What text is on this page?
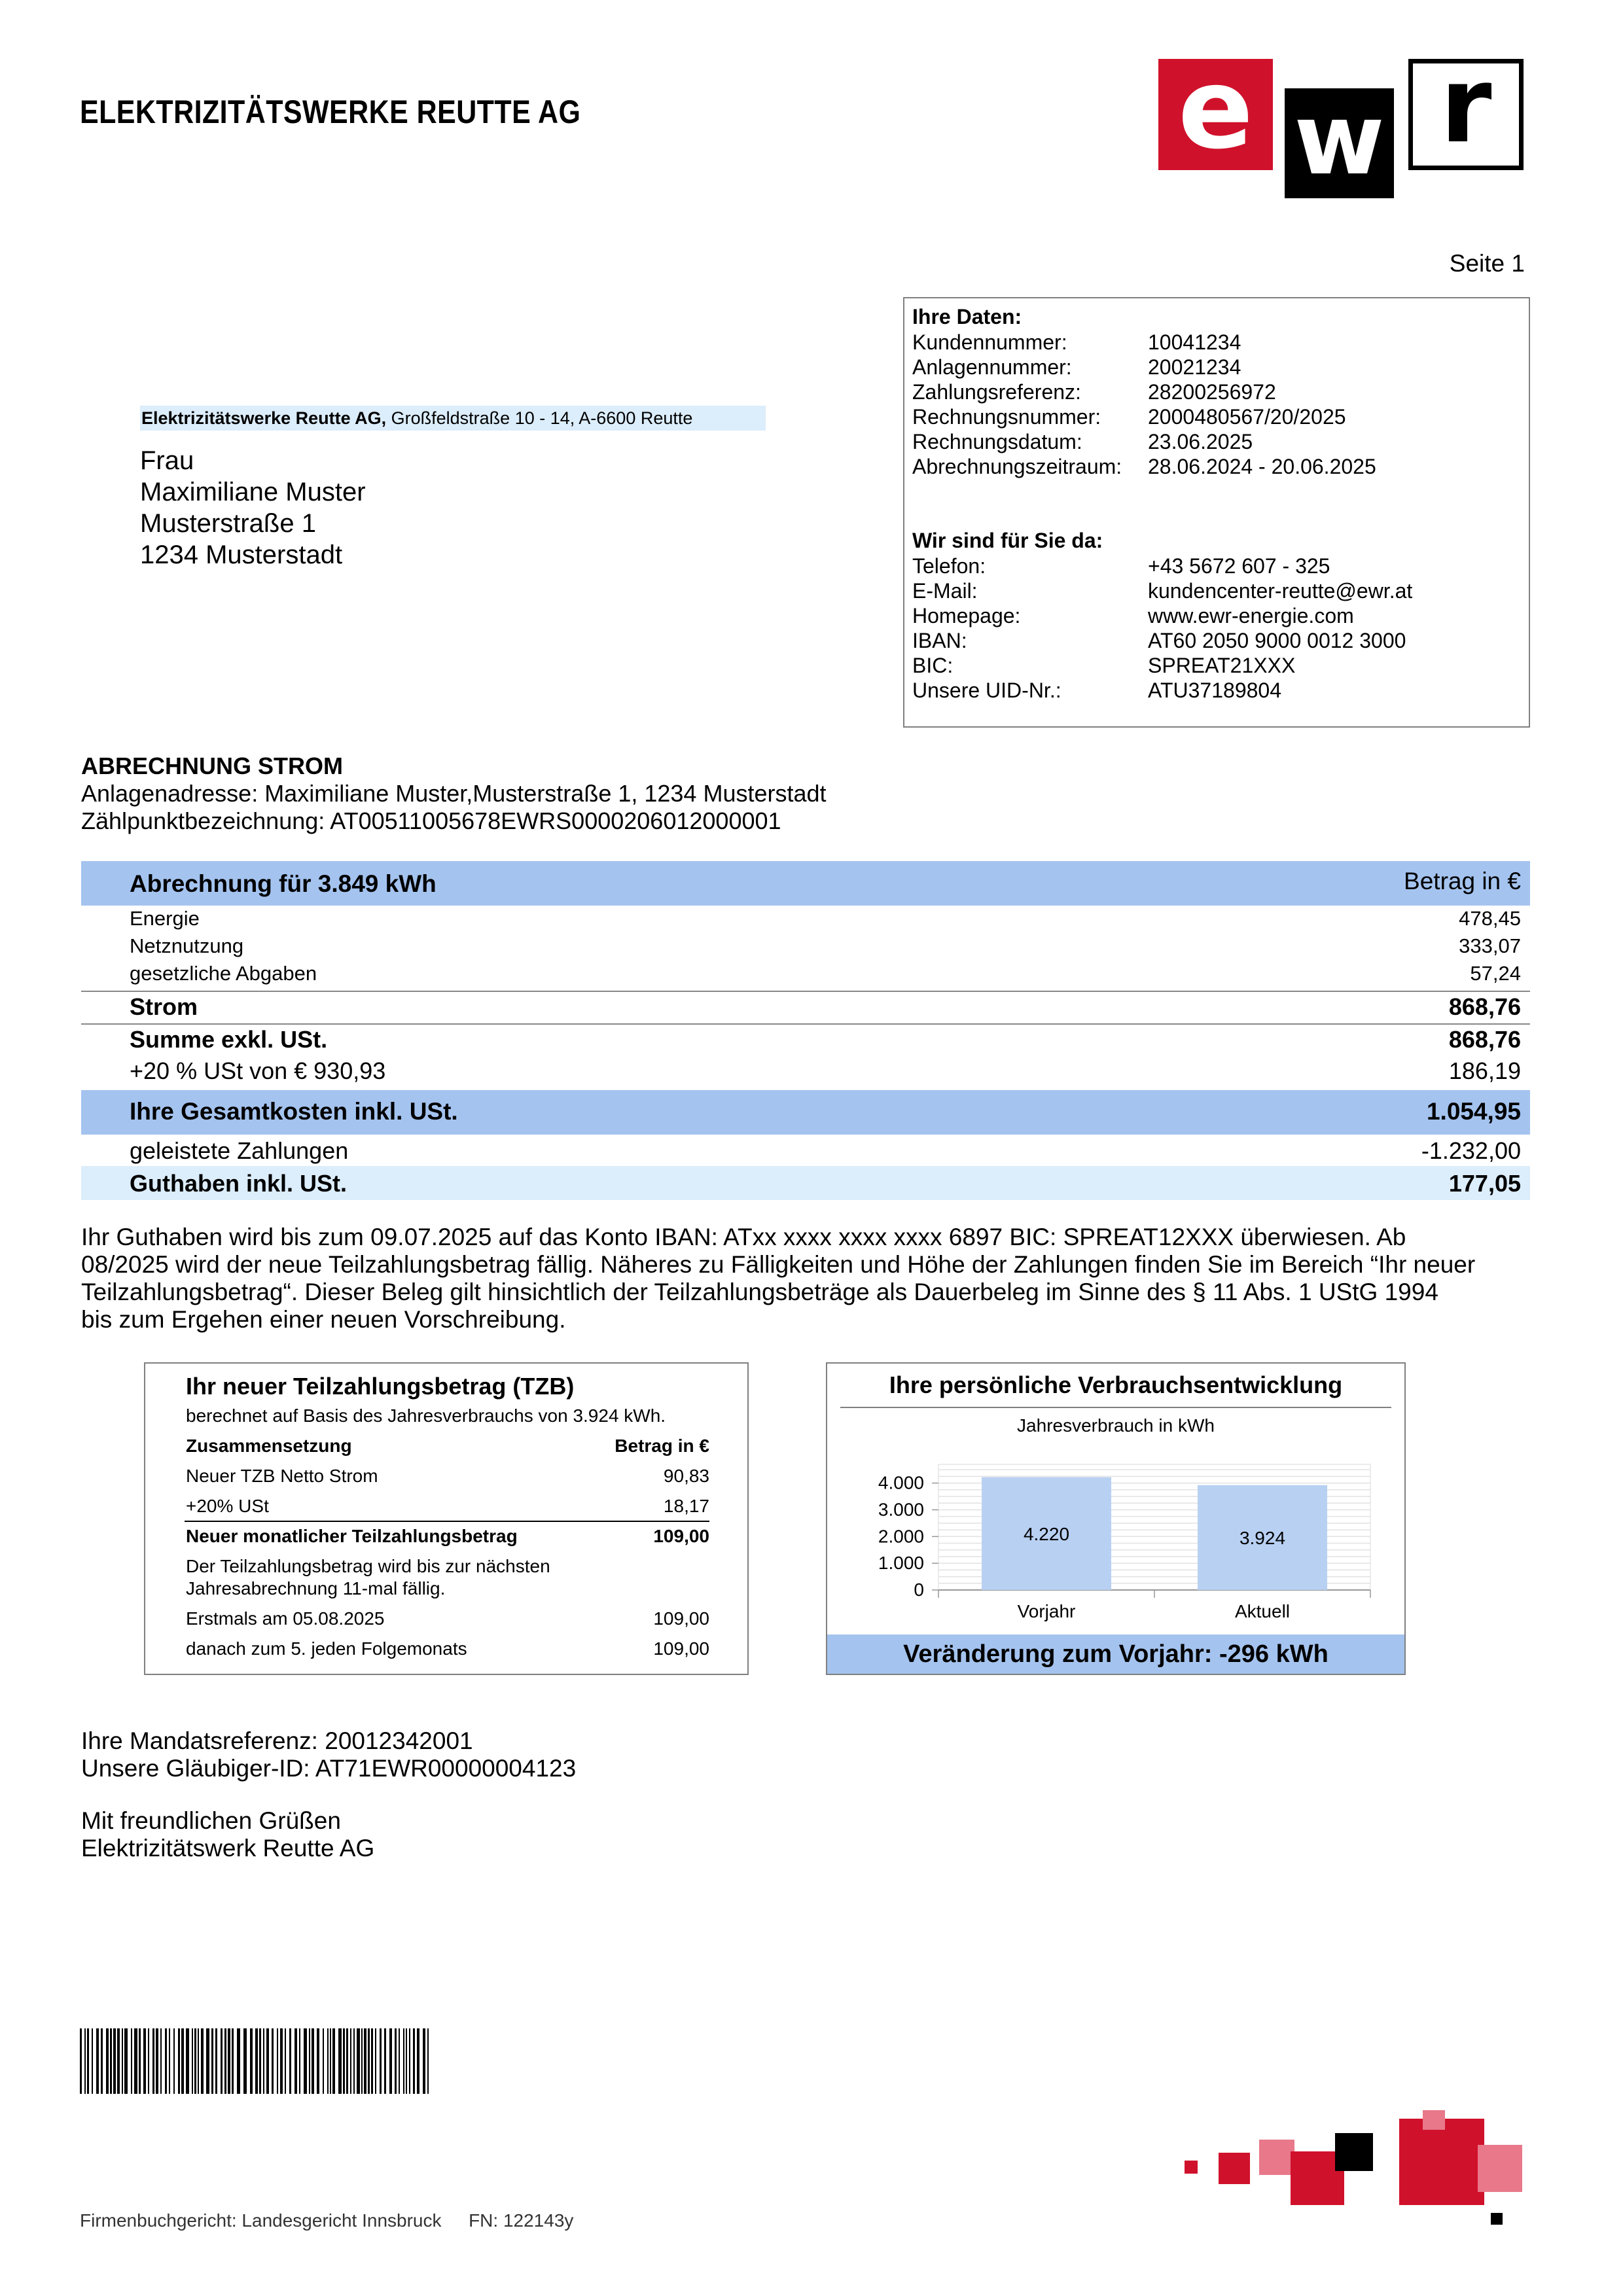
ELEKTRIZITÄTSWERKE REUTTE AG	e w r
Seite 1
Elektrizitätswerke Reutte AG, Großfeldstraße 10 - 14, A-6600 Reutte
Frau
Maximiliane Muster
Musterstraße 1
1234 Musterstadt
Ihre Daten:
Kundennummer:	10041234
Anlagennummer:	20021234
Zahlungsreferenz:	28200256972
Rechnungsnummer: 2000480567/20/2025
Rechnungsdatum:	23.06.2025
Abrechnungszeitraum: 28.06.2024 - 20.06.2025
Wir sind für Sie da:
Telefon:	+43 5672 607 - 325
E-Mail:	kundencenter-reutte@ewr.at
Homepage:	www.ewr-energie.com
IBAN:	AT60 2050 9000 0012 3000
BIC:	SPREAT21XXX
Unsere UID-Nr.:	ATU37189804
ABRECHNUNG STROM
Anlagenadresse: Maximiliane Muster,Musterstraße 1, 1234 Musterstadt
Zählpunktbezeichnung: AT00511005678EWRS0000206012000001
Abrechnung für 3.849 kWh	Betrag in €
Energie	478,45
Netznutzung	333,07
gesetzliche Abgaben	57,24
Strom	868,76
Summe exkl. USt.	868,76
+20 % USt von € 930,93	186,19
Ihre Gesamtkosten inkl. USt.	1.054,95
geleistete Zahlungen	-1.232,00
Guthaben inkl. USt.	177,05
Ihr Guthaben wird bis zum 09.07.2025 auf das Konto IBAN: ATxx xxxx xxxx xxxx 6897 BIC: SPREAT12XXX überwiesen. Ab
08/2025 wird der neue Teilzahlungsbetrag fällig. Näheres zu Fälligkeiten und Höhe der Zahlungen finden Sie im Bereich “Ihr neuer
Teilzahlungsbetrag“. Dieser Beleg gilt hinsichtlich der Teilzahlungsbeträge als Dauerbeleg im Sinne des § 11 Abs. 1 UStG 1994
bis zum Ergehen einer neuen Vorschreibung.
Ihr neuer Teilzahlungsbetrag (TZB)
berechnet auf Basis des Jahresverbrauchs von 3.924 kWh.
Zusammensetzung	Betrag in €
Neuer TZB Netto Strom	90,83
+20% USt	18,17
Neuer monatlicher Teilzahlungsbetrag	109,00
Der Teilzahlungsbetrag wird bis zur nächsten
Jahresabrechnung 11-mal fällig.
Erstmals am 05.08.2025	109,00
danach zum 5. jeden Folgemonats	109,00
Ihre persönliche Verbrauchsentwicklung
Jahresverbrauch in kWh
0
1.000
2.000
3.000
4.000
4.220
Vorjahr
3.924
Aktuell
Veränderung zum Vorjahr: -296 kWh
Ihre Mandatsreferenz: 20012342001
Unsere Gläubiger-ID: AT71EWR00000004123
Mit freundlichen Grüßen
Elektrizitätswerk Reutte AG
Firmenbuchgericht: Landesgericht Innsbruck FN: 122143y
